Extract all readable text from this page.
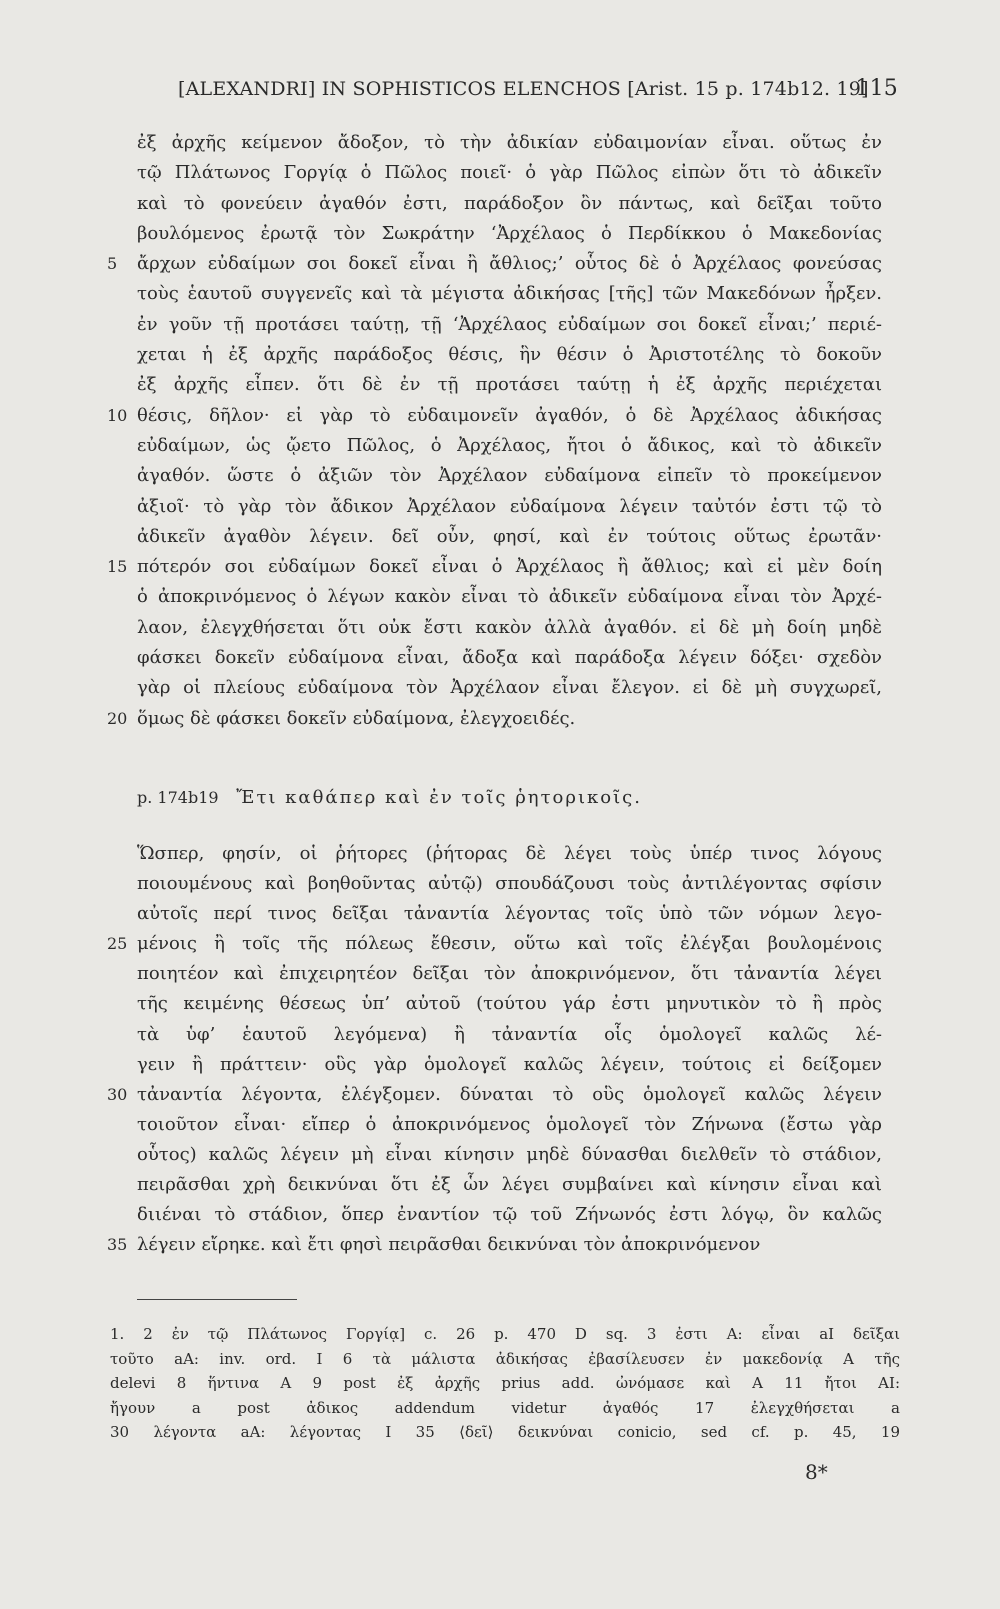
[ALEXANDRI] IN SOPHISTICOS ELENCHOS [Arist. 15 p. 174b12. 19]
115
ἐξ ἀρχῆς κείμενον ἄδοξον, τὸ τὴν ἀδικίαν εὐδαιμονίαν εἶναι. οὕτως ἐν
τῷ Πλάτωνος Γοργίᾳ ὁ Πῶλος ποιεῖ· ὁ γὰρ Πῶλος εἰπὼν ὅτι τὸ ἀδικεῖν
καὶ τὸ φονεύειν ἀγαθόν ἐστι, παράδοξον ὂν πάντως, καὶ δεῖξαι τοῦτο
βουλόμενος ἐρωτᾷ τὸν Σωκράτην ‘Ἀρχέλαος ὁ Περδίκκου ὁ Μακεδονίας
5 ἄρχων εὐδαίμων σοι δοκεῖ εἶναι ἢ ἄθλιος;’ οὗτος δὲ ὁ Ἀρχέλαος φονεύσας
τοὺς ἑαυτοῦ συγγενεῖς καὶ τὰ μέγιστα ἀδικήσας [τῆς] τῶν Μακεδόνων ἦρξεν.
ἐν γοῦν τῇ προτάσει ταύτῃ, τῇ ‘Ἀρχέλαος εὐδαίμων σοι δοκεῖ εἶναι;’ περιέ-
χεται ἡ ἐξ ἀρχῆς παράδοξος θέσις, ἣν θέσιν ὁ Ἀριστοτέλης τὸ δοκοῦν
ἐξ ἀρχῆς εἶπεν. ὅτι δὲ ἐν τῇ προτάσει ταύτῃ ἡ ἐξ ἀρχῆς περιέχεται
10 θέσις, δῆλον· εἰ γὰρ τὸ εὐδαιμονεῖν ἀγαθόν, ὁ δὲ Ἀρχέλαος ἀδικήσας
εὐδαίμων, ὡς ᾤετο Πῶλος, ὁ Ἀρχέλαος, ἤτοι ὁ ἄδικος, καὶ τὸ ἀδικεῖν
ἀγαθόν. ὥστε ὁ ἀξιῶν τὸν Ἀρχέλαον εὐδαίμονα εἰπεῖν τὸ προκείμενον
ἀξιοῖ· τὸ γὰρ τὸν ἄδικον Ἀρχέλαον εὐδαίμονα λέγειν ταὐτόν ἐστι τῷ τὸ
ἀδικεῖν ἀγαθὸν λέγειν. δεῖ οὖν, φησί, καὶ ἐν τούτοις οὕτως ἐρωτᾶν·
15 πότερόν σοι εὐδαίμων δοκεῖ εἶναι ὁ Ἀρχέλαος ἢ ἄθλιος; καὶ εἰ μὲν δοίη
ὁ ἀποκρινόμενος ὁ λέγων κακὸν εἶναι τὸ ἀδικεῖν εὐδαίμονα εἶναι τὸν Ἀρχέ-
λαον, ἐλεγχθήσεται ὅτι οὐκ ἔστι κακὸν ἀλλὰ ἀγαθόν. εἰ δὲ μὴ δοίη μηδὲ
φάσκει δοκεῖν εὐδαίμονα εἶναι, ἄδοξα καὶ παράδοξα λέγειν δόξει· σχεδὸν
γὰρ οἱ πλείους εὐδαίμονα τὸν Ἀρχέλαον εἶναι ἔλεγον. εἰ δὲ μὴ συγχωρεῖ,
20 ὅμως δὲ φάσκει δοκεῖν εὐδαίμονα, ἐλεγχοειδές.
p. 174b19 Ἔτι καθάπερ καὶ ἐν τοῖς ῥητορικοῖς.
Ὥσπερ, φησίν, οἱ ῥήτορες (ῥήτορας δὲ λέγει τοὺς ὑπέρ τινος λόγους
ποιουμένους καὶ βοηθοῦντας αὐτῷ) σπουδάζουσι τοὺς ἀντιλέγοντας σφίσιν
αὐτοῖς περί τινος δεῖξαι τἀναντία λέγοντας τοῖς ὑπὸ τῶν νόμων λεγο-
25 μένοις ἢ τοῖς τῆς πόλεως ἔθεσιν, οὕτω καὶ τοῖς ἐλέγξαι βουλομένοις
ποιητέον καὶ ἐπιχειρητέον δεῖξαι τὸν ἀποκρινόμενον, ὅτι τἀναντία λέγει
τῆς κειμένης θέσεως ὑπ’ αὐτοῦ (τούτου γάρ ἐστι μηνυτικὸν τὸ ἢ πρὸς
τὰ ὑφ’ ἑαυτοῦ λεγόμενα) ἢ τἀναντία οἷς ὁμολογεῖ καλῶς λέ-
γειν ἢ πράττειν· οὓς γὰρ ὁμολογεῖ καλῶς λέγειν, τούτοις εἰ δείξομεν
30 τἀναντία λέγοντα, ἐλέγξομεν. δύναται τὸ οὓς ὁμολογεῖ καλῶς λέγειν
τοιοῦτον εἶναι· εἴπερ ὁ ἀποκρινόμενος ὁμολογεῖ τὸν Ζήνωνα (ἔστω γὰρ
οὗτος) καλῶς λέγειν μὴ εἶναι κίνησιν μηδὲ δύνασθαι διελθεῖν τὸ στάδιον,
πειρᾶσθαι χρὴ δεικνύναι ὅτι ἐξ ὧν λέγει συμβαίνει καὶ κίνησιν εἶναι καὶ
διιέναι τὸ στάδιον, ὅπερ ἐναντίον τῷ τοῦ Ζήνωνός ἐστι λόγῳ, ὃν καλῶς
35 λέγειν εἴρηκε. καὶ ἔτι φησὶ πειρᾶσθαι δεικνύναι τὸν ἀποκρινόμενον
1. 2 ἐν τῷ Πλάτωνος Γοργίᾳ] c. 26 p. 470 D sq. 3 ἐστι A: εἶναι aI δεῖξαι
τοῦτο aA: inv. ord. I 6 τὰ μάλιστα ἀδικήσας ἐβασίλευσεν ἐν μακεδονίᾳ A τῆς
delevi 8 ἥντινα A 9 post ἐξ ἀρχῆς prius add. ὠνόμασε καὶ A 11 ἤτοι AI:
ἤγουν a post ἀδικος addendum videtur ἀγαθός 17 ἐλεγχθήσεται a
30 λέγοντα aA: λέγοντας I 35 ⟨δεῖ⟩ δεικνύναι conicio, sed cf. p. 45, 19
8*
